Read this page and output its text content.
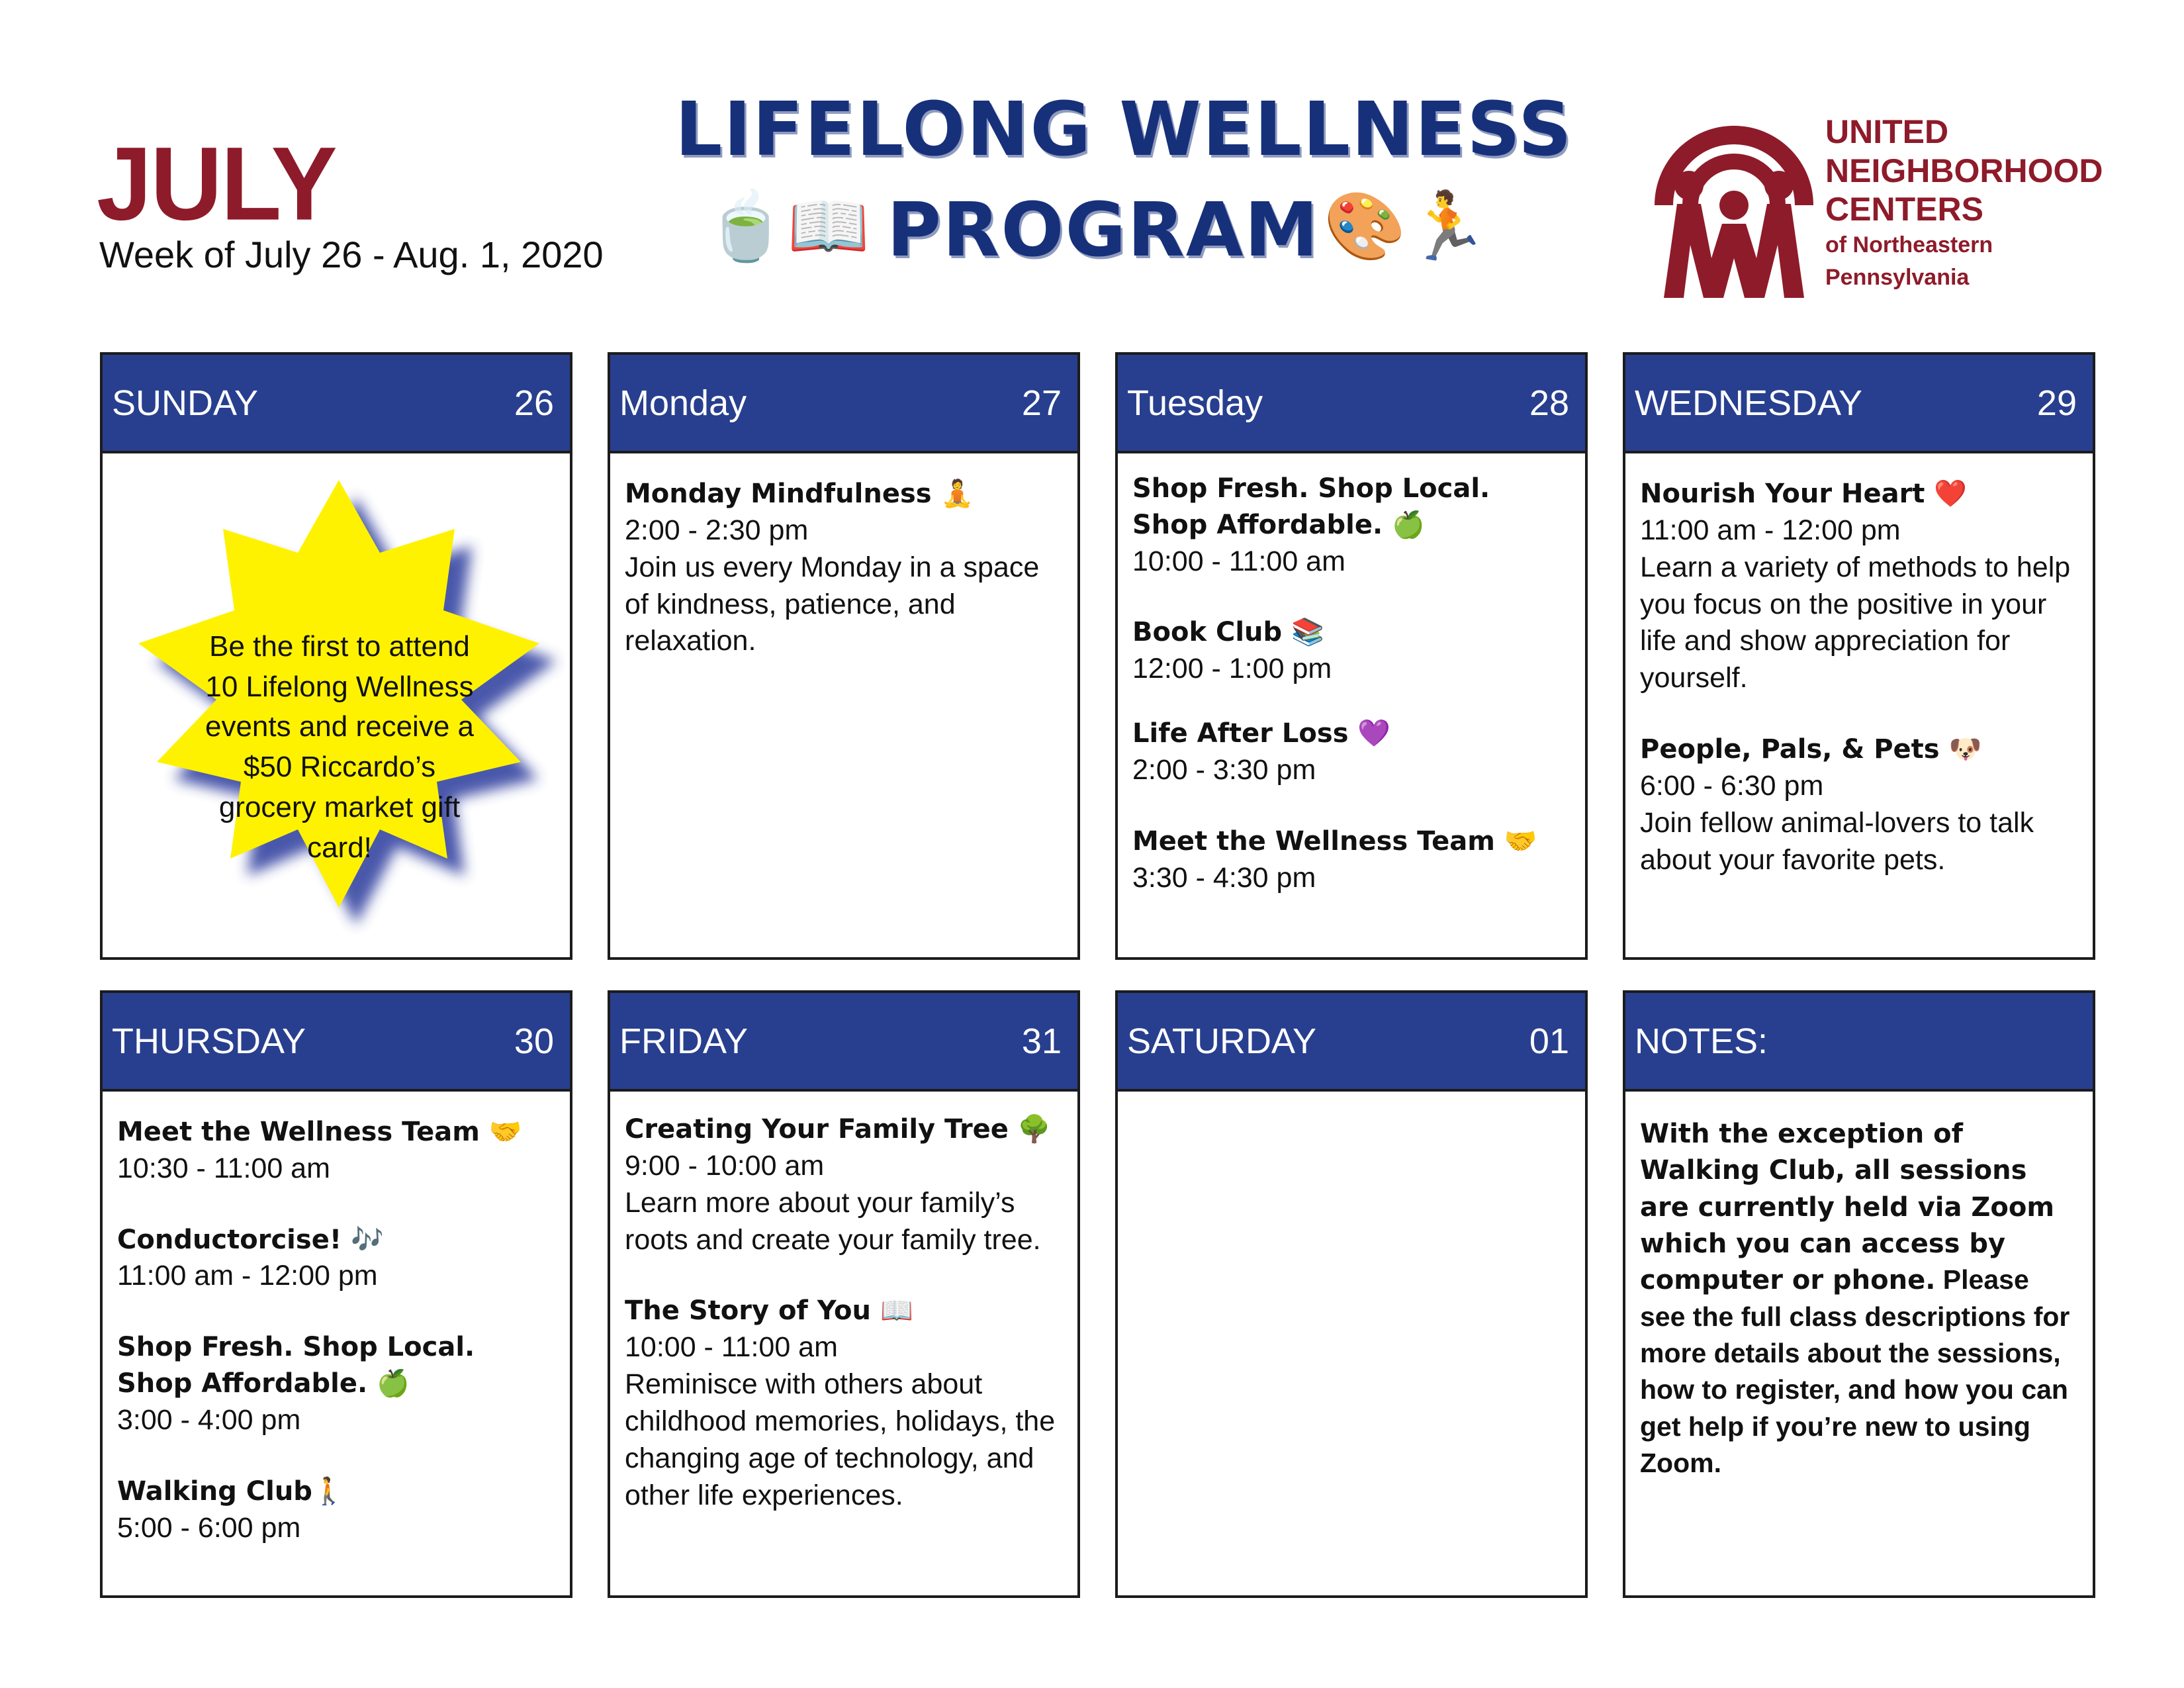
JULY
Week of July 26 - Aug. 1, 2020
LIFELONG WELLNESS
🍵📖 PROGRAM 🎨🏃
UNITED
NEIGHBORHOOD
CENTERS
of Northeastern
Pennsylvania
SUNDAY	26
Be the first to attend 10 Lifelong Wellness events and receive a $50 Riccardo’s grocery market gift card!
Monday	27
Monday Mindfulness 🧘
2:00 - 2:30 pm
Join us every Monday in a space of kindness, patience, and relaxation.
Tuesday	28
Shop Fresh. Shop Local. Shop Affordable. 🍏
10:00 - 11:00 am
Book Club 📚
12:00 - 1:00 pm
Life After Loss 💜
2:00 - 3:30 pm
Meet the Wellness Team 🤝
3:30 - 4:30 pm
WEDNESDAY	29
Nourish Your Heart ❤️
11:00 am - 12:00 pm
Learn a variety of methods to help you focus on the positive in your life and show appreciation for yourself.
People, Pals, & Pets 🐶
6:00 - 6:30 pm
Join fellow animal-lovers to talk about your favorite pets.
THURSDAY	30
Meet the Wellness Team 🤝
10:30 - 11:00 am
Conductorcise! 🎶
11:00 am - 12:00 pm
Shop Fresh. Shop Local. Shop Affordable. 🍏
3:00 - 4:00 pm
Walking Club🚶
5:00 - 6:00 pm
FRIDAY	31
Creating Your Family Tree 🌳
9:00 - 10:00 am
Learn more about your family’s roots and create your family tree.
The Story of You 📖
10:00 - 11:00 am
Reminisce with others about childhood memories, holidays, the changing age of technology, and other life experiences.
SATURDAY	01 NOTES:
With the exception of Walking Club, all sessions are currently held via Zoom which you can access by computer or phone. Please see the full class descriptions for more details about the sessions, how to register, and how you can get help if you’re new to using Zoom.
